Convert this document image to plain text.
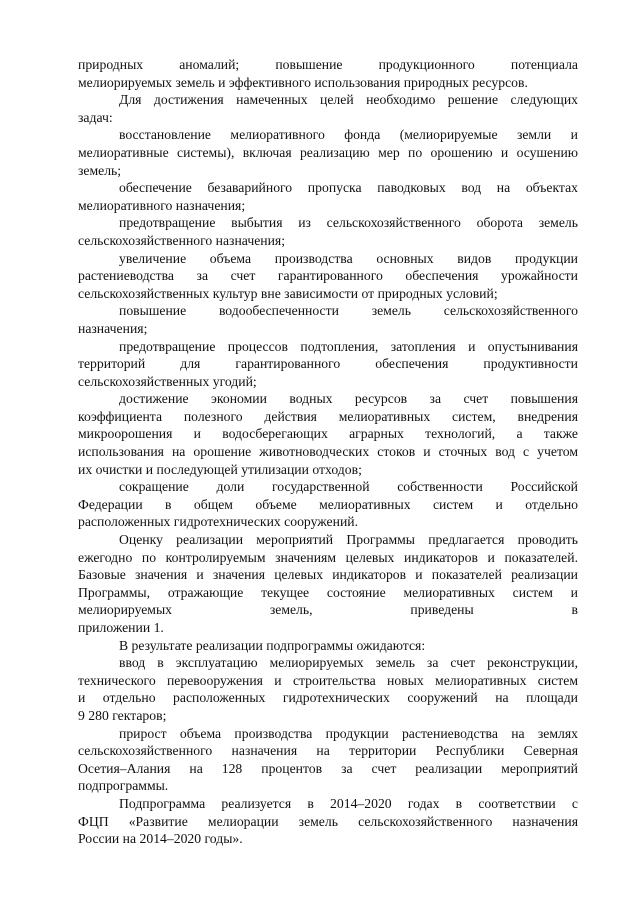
природных аномалий; повышение продукционного потенциала
мелиорируемых земель и эффективного использования природных ресурсов.
Для достижения намеченных целей необходимо решение следующих
задач:
восстановление мелиоративного фонда (мелиорируемые земли и
мелиоративные системы), включая реализацию мер по орошению и осушению
земель;
обеспечение безаварийного пропуска паводковых вод на объектах
мелиоративного назначения;
предотвращение выбытия из сельскохозяйственного оборота земель
сельскохозяйственного назначения;
увеличение объема производства основных видов продукции
растениеводства за счет гарантированного обеспечения урожайности
сельскохозяйственных культур вне зависимости от природных условий;
повышение водообеспеченности земель сельскохозяйственного
назначения;
предотвращение процессов подтопления, затопления и опустынивания
территорий для гарантированного обеспечения продуктивности
сельскохозяйственных угодий;
достижение экономии водных ресурсов за счет повышения
коэффициента полезного действия мелиоративных систем, внедрения
микроорошения и водосберегающих аграрных технологий, а также
использования на орошение животноводческих стоков и сточных вод с учетом
их очистки и последующей утилизации отходов;
сокращение доли государственной собственности Российской
Федерации в общем объеме мелиоративных систем и отдельно
расположенных гидротехнических сооружений.
Оценку реализации мероприятий Программы предлагается проводить
ежегодно по контролируемым значениям целевых индикаторов и показателей.
Базовые значения и значения целевых индикаторов и показателей реализации
Программы, отражающие текущее состояние мелиоративных систем и
мелиорируемых земель, приведены в
приложении 1.
В результате реализации подпрограммы ожидаются:
ввод в эксплуатацию мелиорируемых земель за счет реконструкции,
технического перевооружения и строительства новых мелиоративных систем
и отдельно расположенных гидротехнических сооружений на площади
9 280 гектаров;
прирост объема производства продукции растениеводства на землях
сельскохозяйственного назначения на территории Республики Северная
Осетия–Алания на 128 процентов за счет реализации мероприятий
подпрограммы.
Подпрограмма реализуется в 2014–2020 годах в соответствии с
ФЦП «Развитие мелиорации земель сельскохозяйственного назначения
России на 2014–2020 годы».
